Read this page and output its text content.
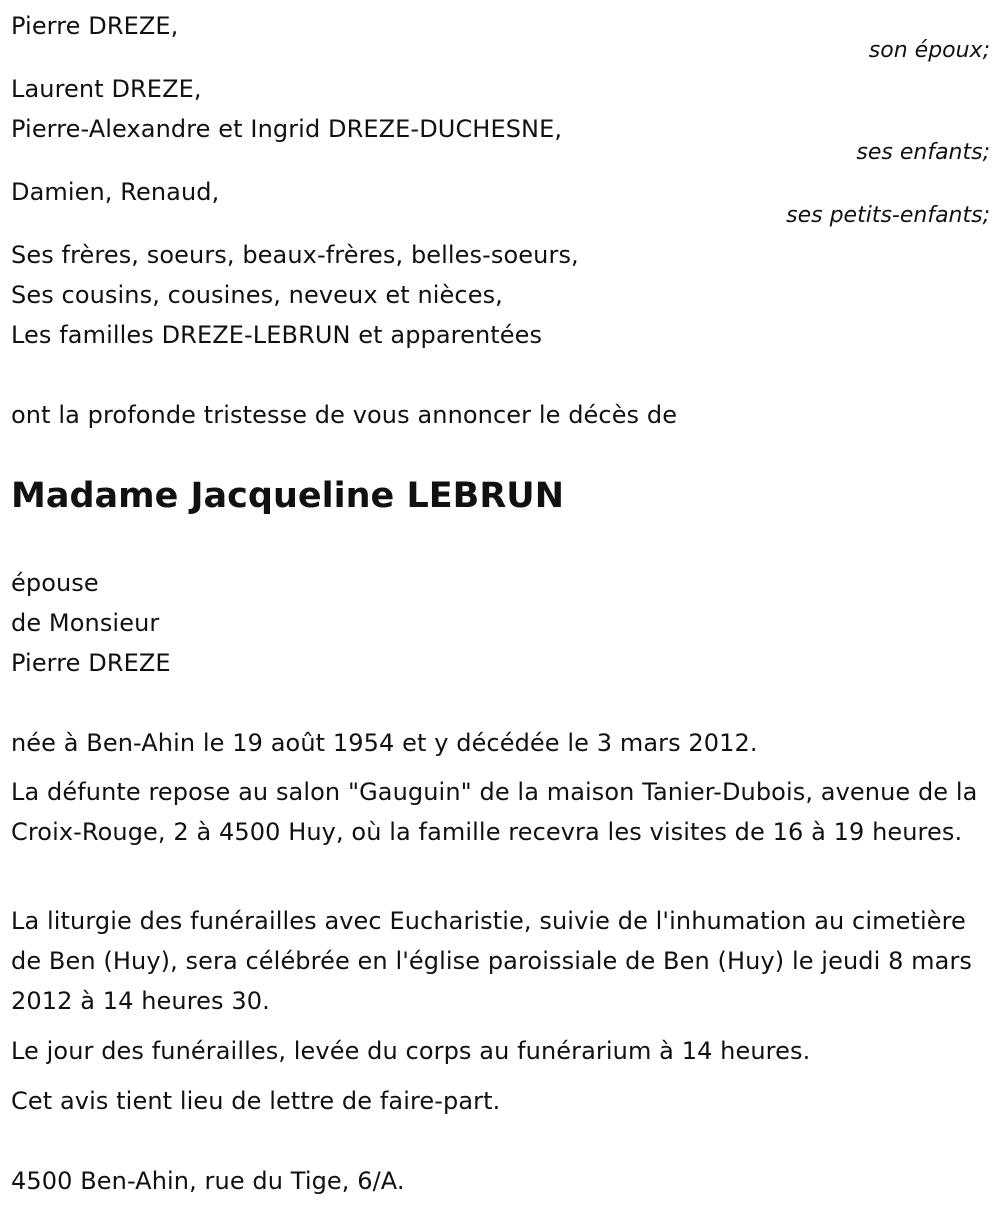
Pierre DREZE,
son époux;
Laurent DREZE,
Pierre-Alexandre et Ingrid DREZE-DUCHESNE,
ses enfants;
Damien, Renaud,
ses petits-enfants;
Ses frères, soeurs, beaux-frères, belles-soeurs,
Ses cousins, cousines, neveux et nièces,
Les familles DREZE-LEBRUN et apparentées
ont la profonde tristesse de vous annoncer le décès de
Madame Jacqueline LEBRUN
épouse
de Monsieur
Pierre DREZE
née à Ben-Ahin le 19 août 1954 et y décédée le 3 mars 2012.
La défunte repose au salon "Gauguin" de la maison Tanier-Dubois, avenue de la Croix-Rouge, 2 à 4500 Huy, où la famille recevra les visites de 16 à 19 heures.
La liturgie des funérailles avec Eucharistie, suivie de l'inhumation au cimetière de Ben (Huy), sera célébrée en l'église paroissiale de Ben (Huy) le jeudi 8 mars 2012 à 14 heures 30.
Le jour des funérailles, levée du corps au funérarium à 14 heures.
Cet avis tient lieu de lettre de faire-part.
4500 Ben-Ahin, rue du Tige, 6/A.
